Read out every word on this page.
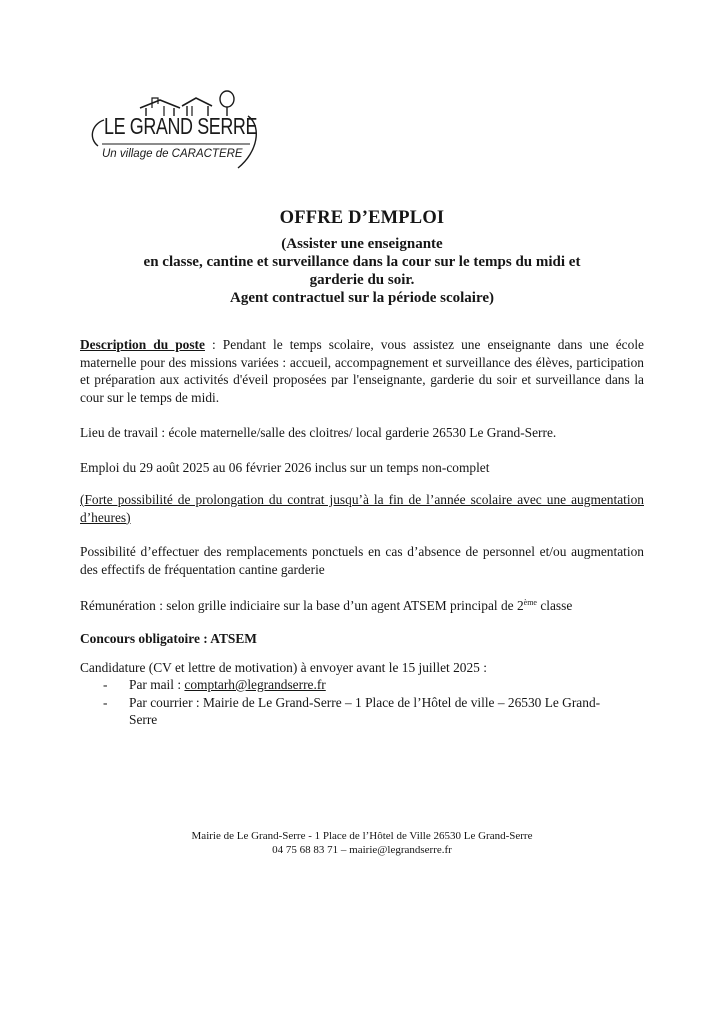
LE GRAND SERRE
Un village de CARACTERE
OFFRE D’EMPLOI
(Assister une enseignante
en classe, cantine et surveillance dans la cour sur le temps du midi et
garderie du soir.
Agent contractuel sur la période scolaire)
Description du poste : Pendant le temps scolaire, vous assistez une enseignante dans une école maternelle pour des missions variées : accueil, accompagnement et surveillance des élèves, participation et préparation aux activités d'éveil proposées par l'enseignante, garderie du soir et surveillance dans la cour sur le temps de midi.
Lieu de travail : école maternelle/salle des cloitres/ local garderie 26530 Le Grand-Serre.
Emploi du 29 août 2025 au 06 février 2026 inclus sur un temps non-complet
(Forte possibilité de prolongation du contrat jusqu’à la fin de l’année scolaire avec une augmentation d’heures)
Possibilité d’effectuer des remplacements ponctuels en cas d’absence de personnel et/ou augmentation des effectifs de fréquentation cantine garderie
Rémunération : selon grille indiciaire sur la base d’un agent ATSEM principal de 2ème classe
Concours obligatoire : ATSEM
Candidature (CV et lettre de motivation) à envoyer avant le 15 juillet 2025 :
- Par mail : comptarh@legrandserre.fr
- Par courrier : Mairie de Le Grand-Serre – 1 Place de l’Hôtel de ville – 26530 Le Grand-Serre
Mairie de Le Grand-Serre - 1 Place de l’Hôtel de Ville 26530 Le Grand-Serre
04 75 68 83 71 – mairie@legrandserre.fr
